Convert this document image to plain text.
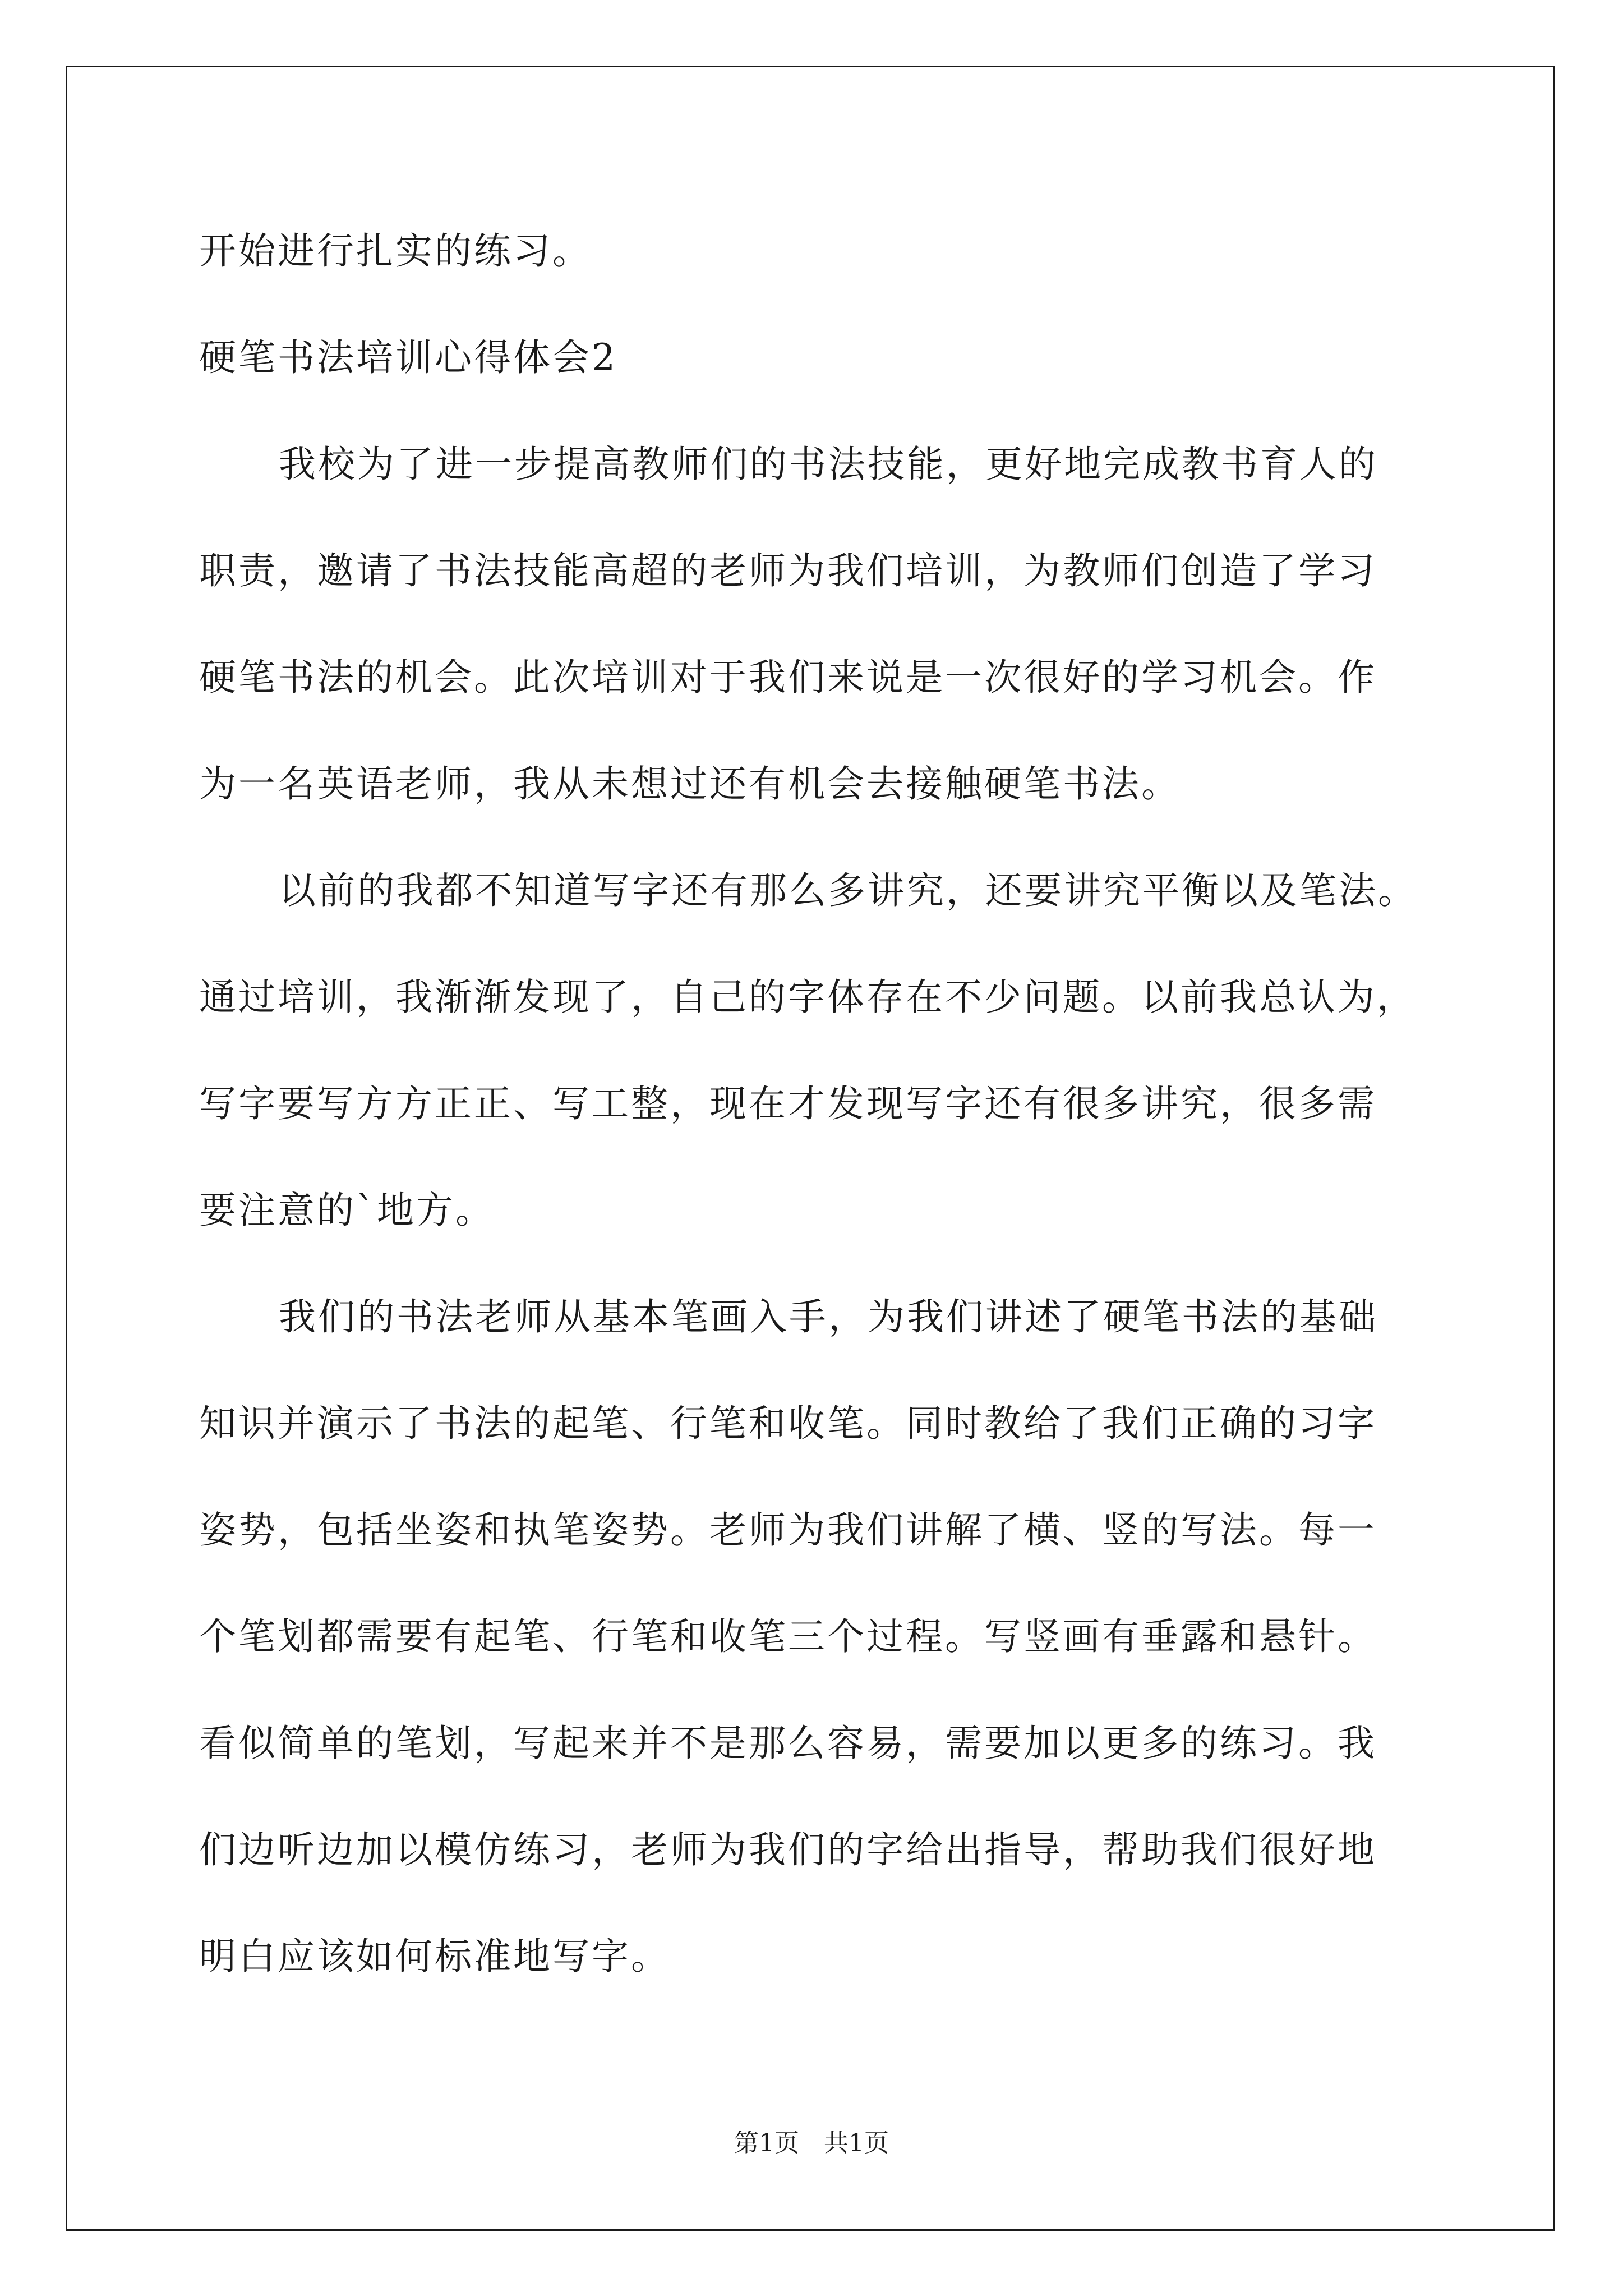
开始进行扎实的练习。
硬笔书法培训心得体会2
我校为了进一步提高教师们的书法技能，更好地完成教书育人的
职责，邀请了书法技能高超的老师为我们培训，为教师们创造了学习
硬笔书法的机会。此次培训对于我们来说是一次很好的学习机会。作
为一名英语老师，我从未想过还有机会去接触硬笔书法。
以前的我都不知道写字还有那么多讲究，还要讲究平衡以及笔法。
通过培训，我渐渐发现了，自己的字体存在不少问题。以前我总认为，
写字要写方方正正、写工整，现在才发现写字还有很多讲究，很多需
要注意的`地方。
我们的书法老师从基本笔画入手，为我们讲述了硬笔书法的基础
知识并演示了书法的起笔、行笔和收笔。同时教给了我们正确的习字
姿势，包括坐姿和执笔姿势。老师为我们讲解了横、竖的写法。每一
个笔划都需要有起笔、行笔和收笔三个过程。写竖画有垂露和悬针。
看似简单的笔划，写起来并不是那么容易，需要加以更多的练习。我
们边听边加以模仿练习，老师为我们的字给出指导，帮助我们很好地
明白应该如何标准地写字。
第1页　共1页
